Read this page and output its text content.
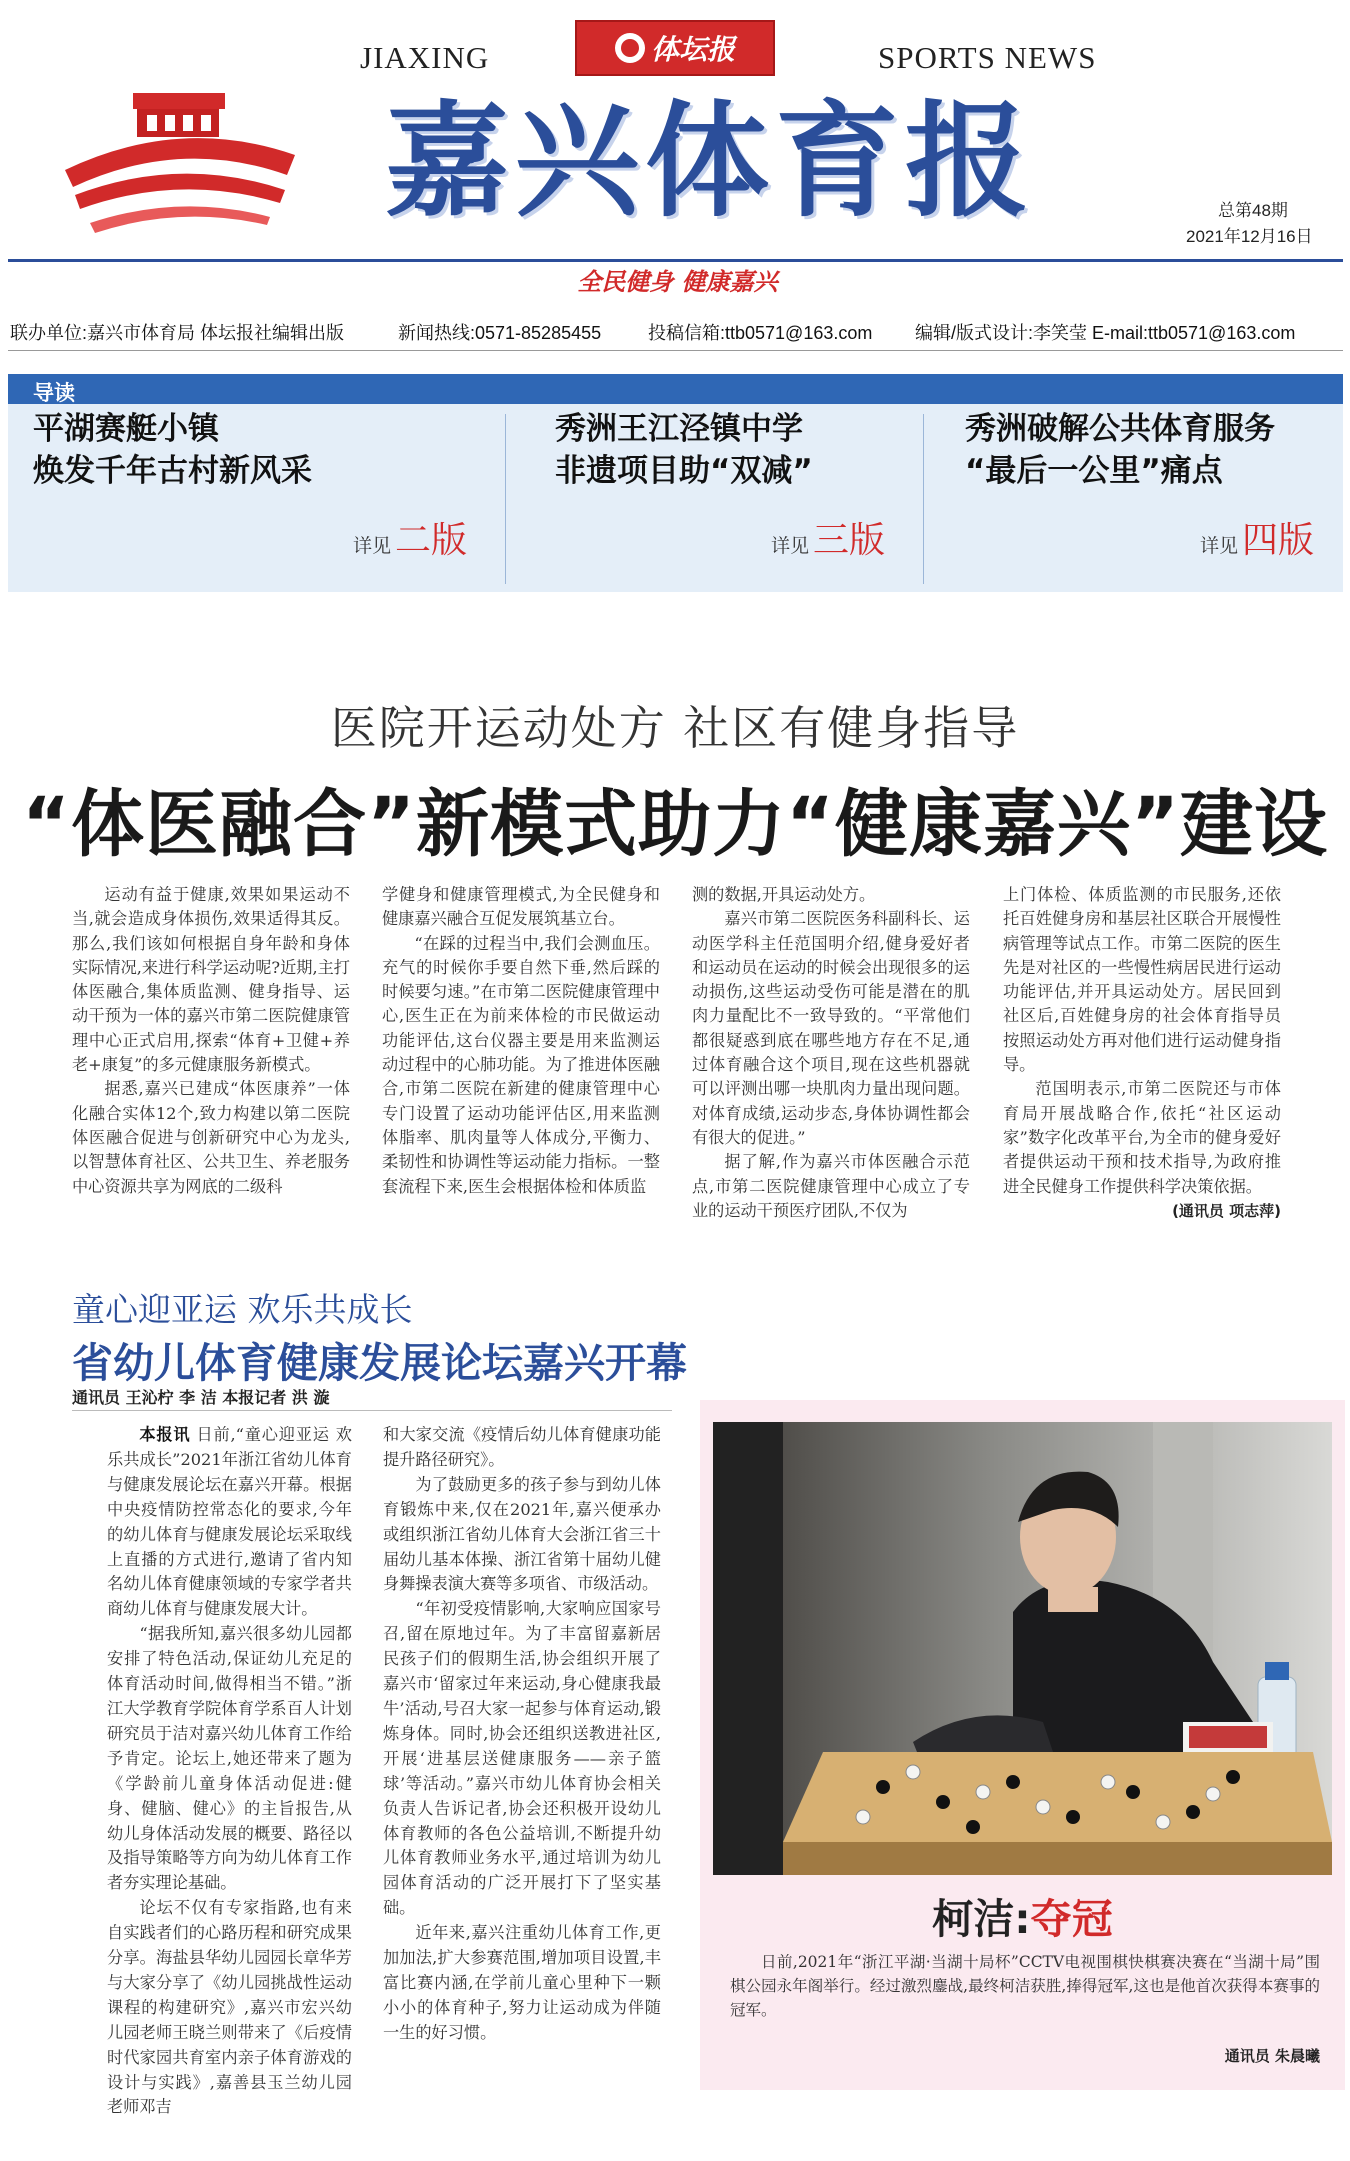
JIAXING	体坛报	SPORTS NEWS
嘉兴体育报	总第48期
2021年12月16日
全民健身 健康嘉兴
联办单位:嘉兴市体育局 体坛报社编辑出版	新闻热线:0571-85285455	投稿信箱:ttb0571@163.com 编辑/版式设计:李笑莹 E-mail:ttb0571@163.com
导读
平湖赛艇小镇
焕发千年古村新风采
详见 二版
秀洲王江泾镇中学
非遗项目助“双减”
详见 三版
秀洲破解公共体育服务
“最后一公里”痛点
详见 四版
医院开运动处方 社区有健身指导
“体医融合”新模式助力“健康嘉兴”建设

运动有益于健康,效果如果运动不当,就会造成身体损伤,效果适得其反。那么,我们该如何根据自身年龄和身体实际情况,来进行科学运动呢?近期,主打体医融合,集体质监测、健身指导、运动干预为一体的嘉兴市第二医院健康管理中心正式启用,探索“体育+卫健+养老+康复”的多元健康服务新模式。

据悉,嘉兴已建成“体医康养”一体化融合实体12个,致力构建以第二医院体医融合促进与创新研究中心为龙头,以智慧体育社区、公共卫生、养老服务中心资源共享为网底的二级科

学健身和健康管理模式,为全民健身和健康嘉兴融合互促发展筑基立台。

“在踩的过程当中,我们会测血压。充气的时候你手要自然下垂,然后踩的时候要匀速。”在市第二医院健康管理中心,医生正在为前来体检的市民做运动功能评估,这台仪器主要是用来监测运动过程中的心肺功能。为了推进体医融合,市第二医院在新建的健康管理中心专门设置了运动功能评估区,用来监测体脂率、肌肉量等人体成分,平衡力、柔韧性和协调性等运动能力指标。一整套流程下来,医生会根据体检和体质监

测的数据,开具运动处方。

嘉兴市第二医院医务科副科长、运动医学科主任范国明介绍,健身爱好者和运动员在运动的时候会出现很多的运动损伤,这些运动受伤可能是潜在的肌肉力量配比不一致导致的。“平常他们都很疑惑到底在哪些地方存在不足,通过体育融合这个项目,现在这些机器就可以评测出哪一块肌肉力量出现问题。对体育成绩,运动步态,身体协调性都会有很大的促进。”

据了解,作为嘉兴市体医融合示范点,市第二医院健康管理中心成立了专业的运动干预医疗团队,不仅为

上门体检、体质监测的市民服务,还依托百姓健身房和基层社区联合开展慢性病管理等试点工作。市第二医院的医生先是对社区的一些慢性病居民进行运动功能评估,并开具运动处方。居民回到社区后,百姓健身房的社会体育指导员按照运动处方再对他们进行运动健身指导。

范国明表示,市第二医院还与市体育局开展战略合作,依托“社区运动家”数字化改革平台,为全市的健身爱好者提供运动干预和技术指导,为政府推进全民健身工作提供科学决策依据。

(通讯员 项志萍)
童心迎亚运 欢乐共成长
省幼儿体育健康发展论坛嘉兴开幕
通讯员 王沁柠 李 洁 本报记者 洪 漩

本报讯 日前,“童心迎亚运 欢乐共成长”2021年浙江省幼儿体育与健康发展论坛在嘉兴开幕。根据中央疫情防控常态化的要求,今年的幼儿体育与健康发展论坛采取线上直播的方式进行,邀请了省内知名幼儿体育健康领域的专家学者共商幼儿体育与健康发展大计。

“据我所知,嘉兴很多幼儿园都安排了特色活动,保证幼儿充足的体育活动时间,做得相当不错。”浙江大学教育学院体育学系百人计划研究员于洁对嘉兴幼儿体育工作给予肯定。论坛上,她还带来了题为《学龄前儿童身体活动促进:健身、健脑、健心》的主旨报告,从幼儿身体活动发展的概要、路径以及指导策略等方向为幼儿体育工作者夯实理论基础。

论坛不仅有专家指路,也有来自实践者们的心路历程和研究成果分享。海盐县华幼儿园园长章华芳与大家分享了《幼儿园挑战性运动课程的构建研究》,嘉兴市宏兴幼儿园老师王晓兰则带来了《后疫情时代家园共育室内亲子体育游戏的设计与实践》,嘉善县玉兰幼儿园老师邓吉

和大家交流《疫情后幼儿体育健康功能提升路径研究》。

为了鼓励更多的孩子参与到幼儿体育锻炼中来,仅在2021年,嘉兴便承办或组织浙江省幼儿体育大会浙江省三十届幼儿基本体操、浙江省第十届幼儿健身舞操表演大赛等多项省、市级活动。

“年初受疫情影响,大家响应国家号召,留在原地过年。为了丰富留嘉新居民孩子们的假期生活,协会组织开展了嘉兴市‘留家过年来运动,身心健康我最牛’活动,号召大家一起参与体育运动,锻炼身体。同时,协会还组织送教进社区,开展‘进基层送健康服务——亲子篮球’等活动。”嘉兴市幼儿体育协会相关负责人告诉记者,协会还积极开设幼儿体育教师的各色公益培训,不断提升幼儿体育教师业务水平,通过培训为幼儿园体育活动的广泛开展打下了坚实基础。

近年来,嘉兴注重幼儿体育工作,更加加法,扩大参赛范围,增加项目设置,丰富比赛内涵,在学前儿童心里种下一颗小小的体育种子,努力让运动成为伴随一生的好习惯。

柯洁:夺冠
日前,2021年“浙江平湖·当湖十局杯”CCTV电视围棋快棋赛决赛在“当湖十局”围棋公园永年阁举行。经过激烈鏖战,最终柯洁获胜,捧得冠军,这也是他首次获得本赛事的冠军。
通讯员 朱晨曦
